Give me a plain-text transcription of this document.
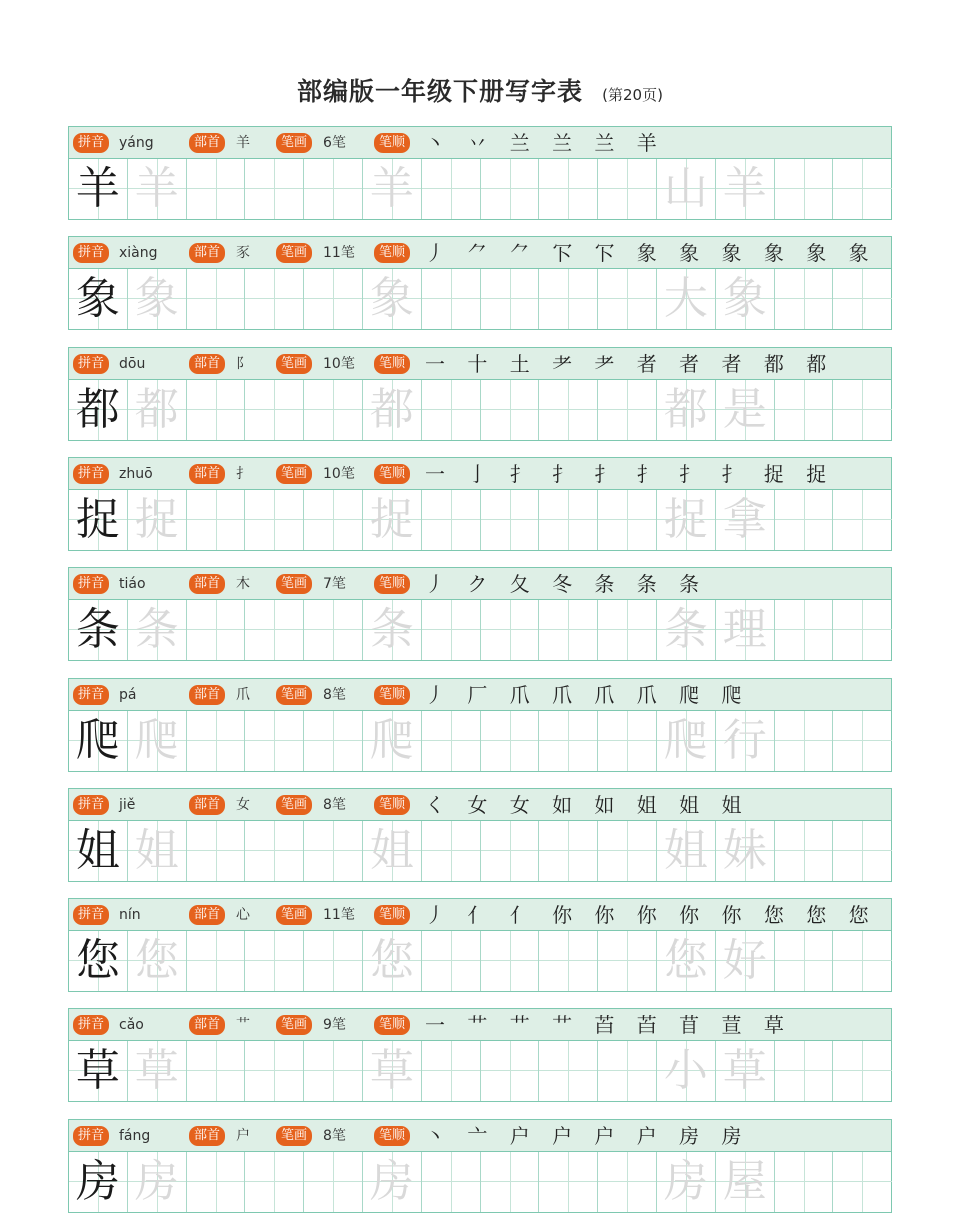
部编版一年级下册写字表 (第20页)
拼音	部首	笔画	笔顺
yáng	羊	6笔	丶 丷 兰 兰 兰 羊
羊 羊	羊	山 羊
拼音	部首	笔画	笔顺
xiàng	豕	11笔	丿 ⺈ ⺈ 㓀 㓀 象 象 象 象 象 象
象 象	象	大 象
拼音	部首	笔画	笔顺
dōu	阝	10笔	一 十 土 耂 耂 者 者 者 都 都
都 都	都	都 是
拼音	部首	笔画	笔顺
zhuō	扌	10笔	一 亅 扌 扌 扌 扌 扌 扌 捉 捉
捉 捉	捉	捉 拿
拼音	部首	笔画	笔顺
tiáo	木	7笔	丿 ク 夂 冬 条 条 条
条 条	条	条 理
拼音	部首	笔画	笔顺
pá	爪	8笔	丿 厂 爪 爪 爪 爪 爬 爬
爬 爬	爬	爬 行
拼音	部首	笔画	笔顺
jiě	女	8笔	く 女 女 如 如 姐 姐 姐
姐 姐	姐	姐 妹
拼音	部首	笔画	笔顺
nín	心	11笔	丿 亻 亻 你 你 你 你 你 您 您 您
您 您	您	您 好
拼音	部首	笔画	笔顺
cǎo	艹	9笔	一 艹 艹 艹 苩 苩 苜 荁 草
草 草	草	小 草
拼音	部首	笔画	笔顺
fáng	户	8笔	丶 亠 户 户 户 户 房 房
房 房	房	房 屋
